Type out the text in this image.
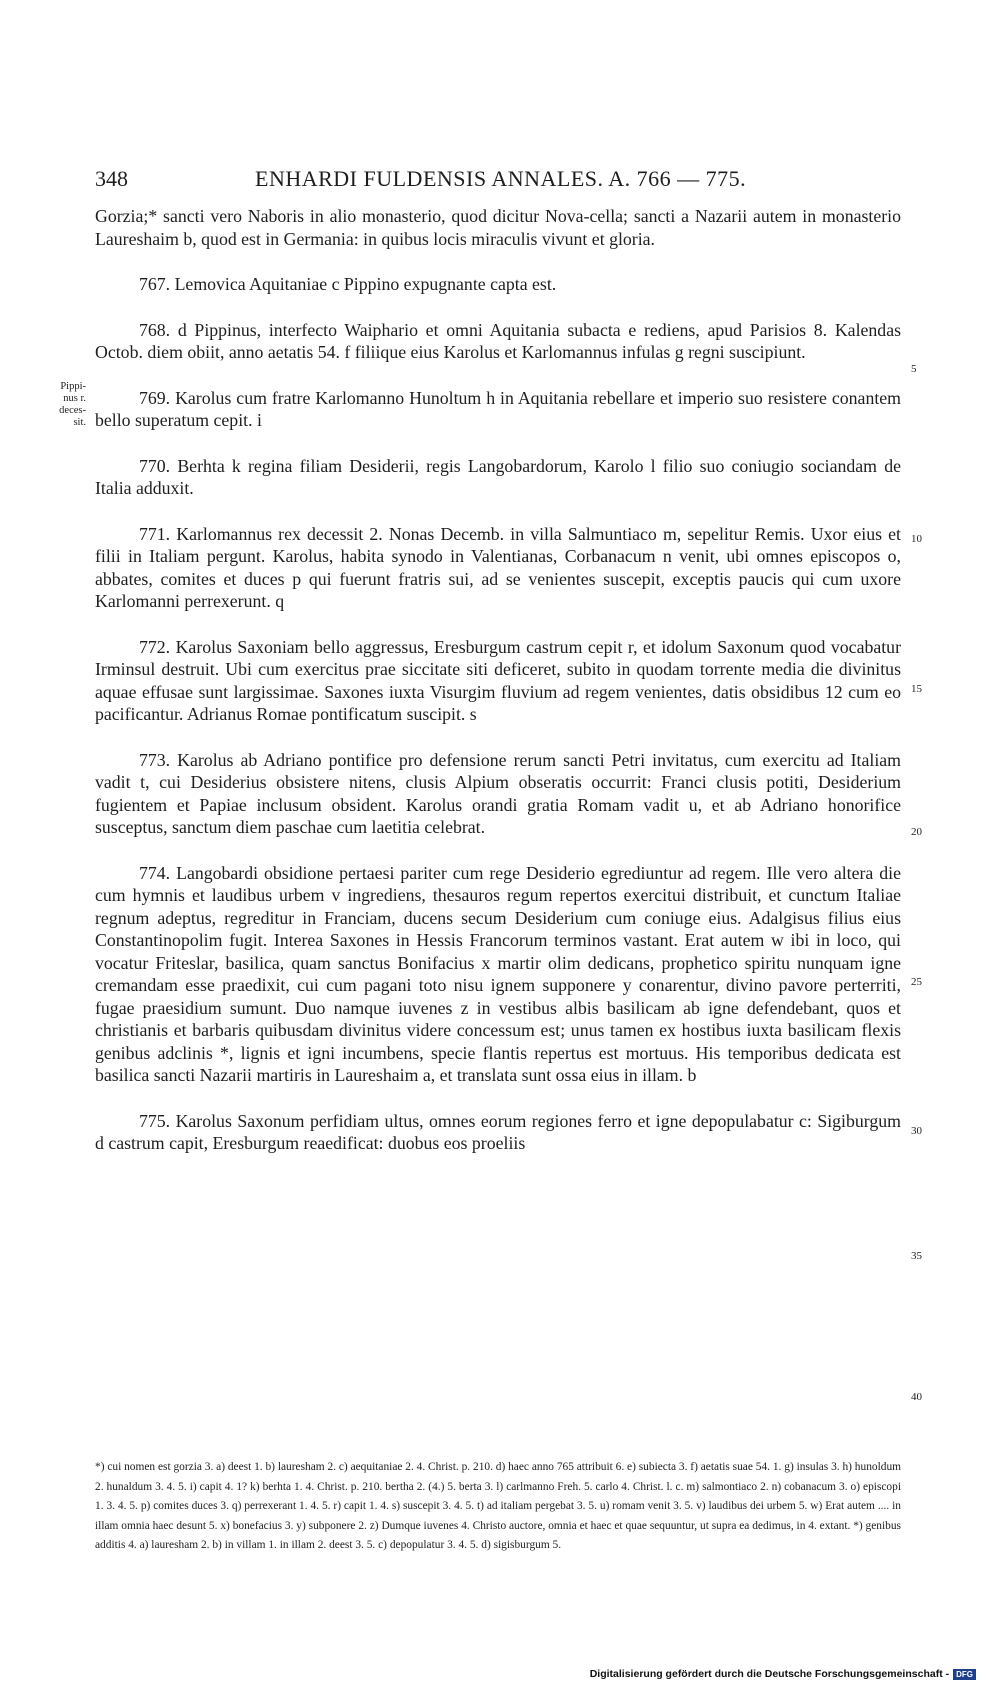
348	ENHARDI FULDENSIS ANNALES. A. 766 — 775.

Gorzia;* sancti vero Naboris in alio monasterio, quod dicitur Nova-cella; sancti a Nazarii autem in monasterio Laureshaim b, quod est in Germania: in quibus locis miraculis vivunt et gloria.

767. Lemovica Aquitaniae c Pippino expugnante capta est.

768. d Pippinus, interfecto Waiphario et omni Aquitania subacta e rediens, apud Parisios 8. Kalendas Octob. diem obiit, anno aetatis 54. f filiique eius Karolus et Karlomannus infulas g regni suscipiunt.

769. Karolus cum fratre Karlomanno Hunoltum h in Aquitania rebellare et imperio suo resistere conantem bello superatum cepit. i

770. Berhta k regina filiam Desiderii, regis Langobardorum, Karolo l filio suo coniugio sociandam de Italia adduxit.

771. Karlomannus rex decessit 2. Nonas Decemb. in villa Salmuntiaco m, sepelitur Remis. Uxor eius et filii in Italiam pergunt. Karolus, habita synodo in Valentianas, Corbanacum n venit, ubi omnes episcopos o, abbates, comites et duces p qui fuerunt fratris sui, ad se venientes suscepit, exceptis paucis qui cum uxore Karlomanni perrexerunt. q

772. Karolus Saxoniam bello aggressus, Eresburgum castrum cepit r, et idolum Saxonum quod vocabatur Irminsul destruit. Ubi cum exercitus prae siccitate siti deficeret, subito in quodam torrente media die divinitus aquae effusae sunt largissimae. Saxones iuxta Visurgim fluvium ad regem venientes, datis obsidibus 12 cum eo pacificantur. Adrianus Romae pontificatum suscipit. s

773. Karolus ab Adriano pontifice pro defensione rerum sancti Petri invitatus, cum exercitu ad Italiam vadit t, cui Desiderius obsistere nitens, clusis Alpium obseratis occurrit: Franci clusis potiti, Desiderium fugientem et Papiae inclusum obsident. Karolus orandi gratia Romam vadit u, et ab Adriano honorifice susceptus, sanctum diem paschae cum laetitia celebrat.

774. Langobardi obsidione pertaesi pariter cum rege Desiderio egrediuntur ad regem. Ille vero altera die cum hymnis et laudibus urbem v ingrediens, thesauros regum repertos exercitui distribuit, et cunctum Italiae regnum adeptus, regreditur in Franciam, ducens secum Desiderium cum coniuge eius. Adalgisus filius eius Constantinopolim fugit. Interea Saxones in Hessis Francorum terminos vastant. Erat autem w ibi in loco, qui vocatur Friteslar, basilica, quam sanctus Bonifacius x martir olim dedicans, prophetico spiritu nunquam igne cremandam esse praedixit, cui cum pagani toto nisu ignem supponere y conarentur, divino pavore perterriti, fugae praesidium sumunt. Duo namque iuvenes z in vestibus albis basilicam ab igne defendebant, quos et christianis et barbaris quibusdam divinitus videre concessum est; unus tamen ex hostibus iuxta basilicam flexis genibus adclinis *, lignis et igni incumbens, specie flantis repertus est mortuus. His temporibus dedicata est basilica sancti Nazarii martiris in Laureshaim a, et translata sunt ossa eius in illam. b

775. Karolus Saxonum perfidiam ultus, omnes eorum regiones ferro et igne depopulabatur c: Sigiburgum d castrum capit, Eresburgum reaedificat: duobus eos proeliis

Pippi-
nus r.
deces-
sit.
5
10
15
20
25
30
35
40

*) cui nomen est gorzia 3. a) deest 1. b) lauresham 2. c) aequitaniae 2. 4. Christ. p. 210. d) haec anno 765 attribuit 6. e) subiecta 3. f) aetatis suae 54. 1. g) insulas 3. h) hunoldum 2. hunaldum 3. 4. 5. i) capit 4. 1? k) berhta 1. 4. Christ. p. 210. bertha 2. (4.) 5. berta 3. l) carlmanno Freh. 5. carlo 4. Christ. l. c. m) salmontiaco 2. n) cobanacum 3. o) episcopi 1. 3. 4. 5. p) comites duces 3. q) perrexerant 1. 4. 5. r) capit 1. 4. s) suscepit 3. 4. 5. t) ad italiam pergebat 3. 5. u) romam venit 3. 5. v) laudibus dei urbem 5. w) Erat autem .... in illam omnia haec desunt 5. x) bonefacius 3. y) subponere 2. z) Dumque iuvenes 4. Christo auctore, omnia et haec et quae sequuntur, ut supra ea dedimus, in 4. extant. *) genibus additis 4. a) lauresham 2. b) in villam 1. in illam 2. deest 3. 5. c) depopulatur 3. 4. 5. d) sigisburgum 5.

Digitalisierung gefördert durch die Deutsche Forschungsgemeinschaft - DFG
